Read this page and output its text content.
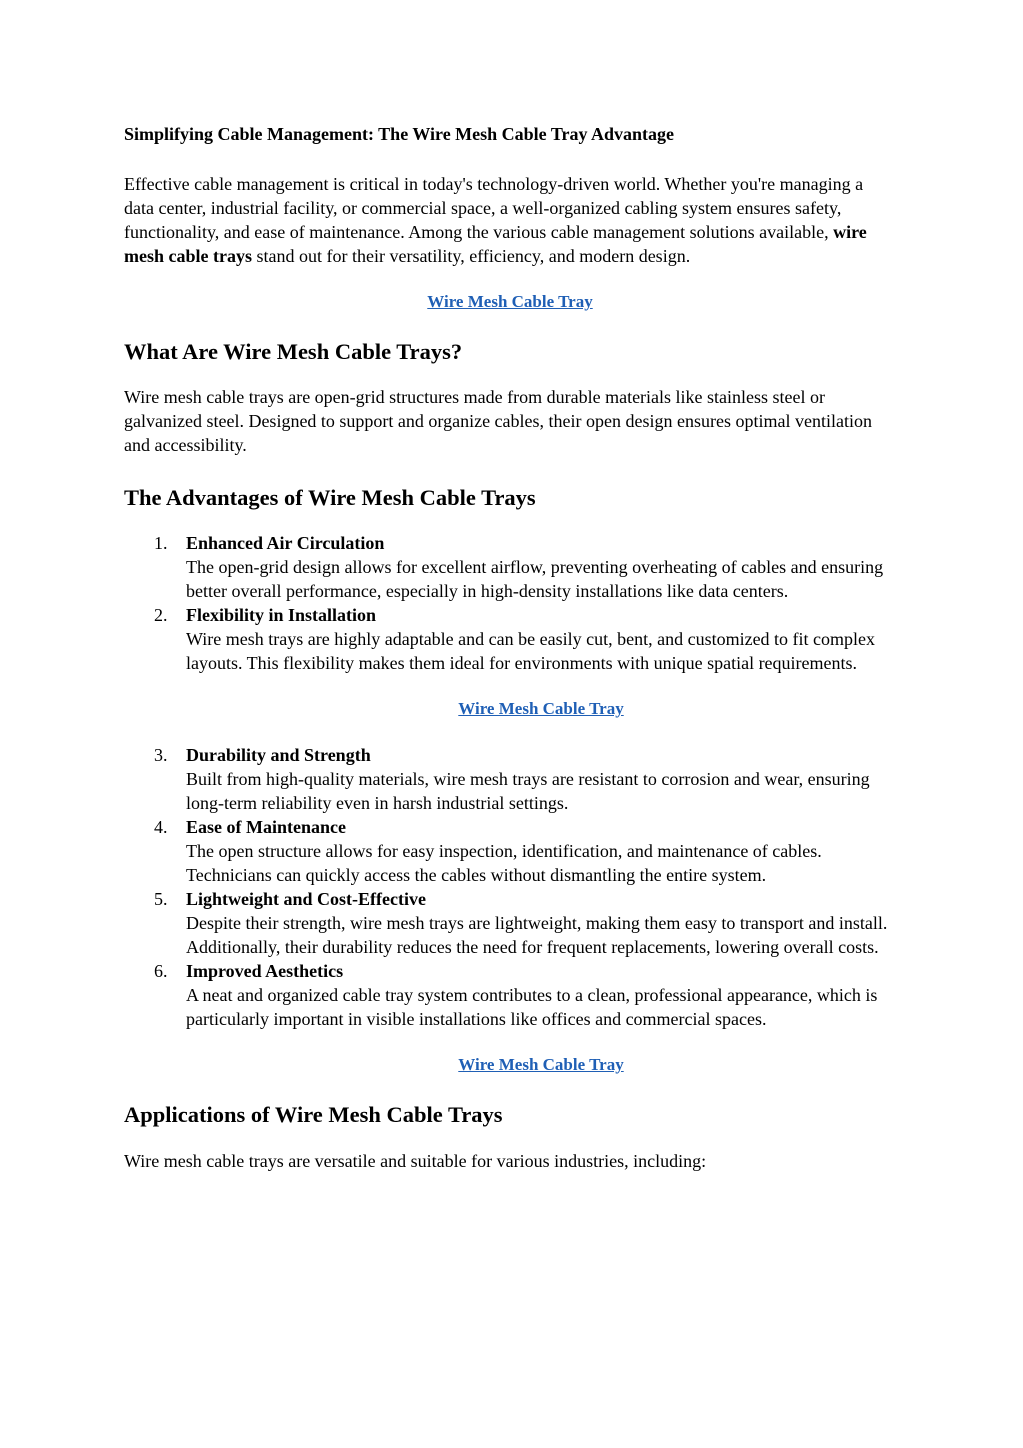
Simplifying Cable Management: The Wire Mesh Cable Tray Advantage

Effective cable management is critical in today's technology-driven world. Whether you're managing a data center, industrial facility, or commercial space, a well-organized cabling system ensures safety, functionality, and ease of maintenance. Among the various cable management solutions available, wire mesh cable trays stand out for their versatility, efficiency, and modern design.

Wire Mesh Cable Tray
What Are Wire Mesh Cable Trays?

Wire mesh cable trays are open-grid structures made from durable materials like stainless steel or galvanized steel. Designed to support and organize cables, their open design ensures optimal ventilation and accessibility.

The Advantages of Wire Mesh Cable Trays
1. Enhanced Air Circulation
The open-grid design allows for excellent airflow, preventing overheating of cables and ensuring better overall performance, especially in high-density installations like data centers.
2. Flexibility in Installation
Wire mesh trays are highly adaptable and can be easily cut, bent, and customized to fit complex layouts. This flexibility makes them ideal for environments with unique spatial requirements.
Wire Mesh Cable Tray
3. Durability and Strength
Built from high-quality materials, wire mesh trays are resistant to corrosion and wear, ensuring long-term reliability even in harsh industrial settings.
4. Ease of Maintenance
The open structure allows for easy inspection, identification, and maintenance of cables. Technicians can quickly access the cables without dismantling the entire system.
5. Lightweight and Cost-Effective
Despite their strength, wire mesh trays are lightweight, making them easy to transport and install. Additionally, their durability reduces the need for frequent replacements, lowering overall costs.
6. Improved Aesthetics
A neat and organized cable tray system contributes to a clean, professional appearance, which is particularly important in visible installations like offices and commercial spaces.
Wire Mesh Cable Tray
Applications of Wire Mesh Cable Trays

Wire mesh cable trays are versatile and suitable for various industries, including:
